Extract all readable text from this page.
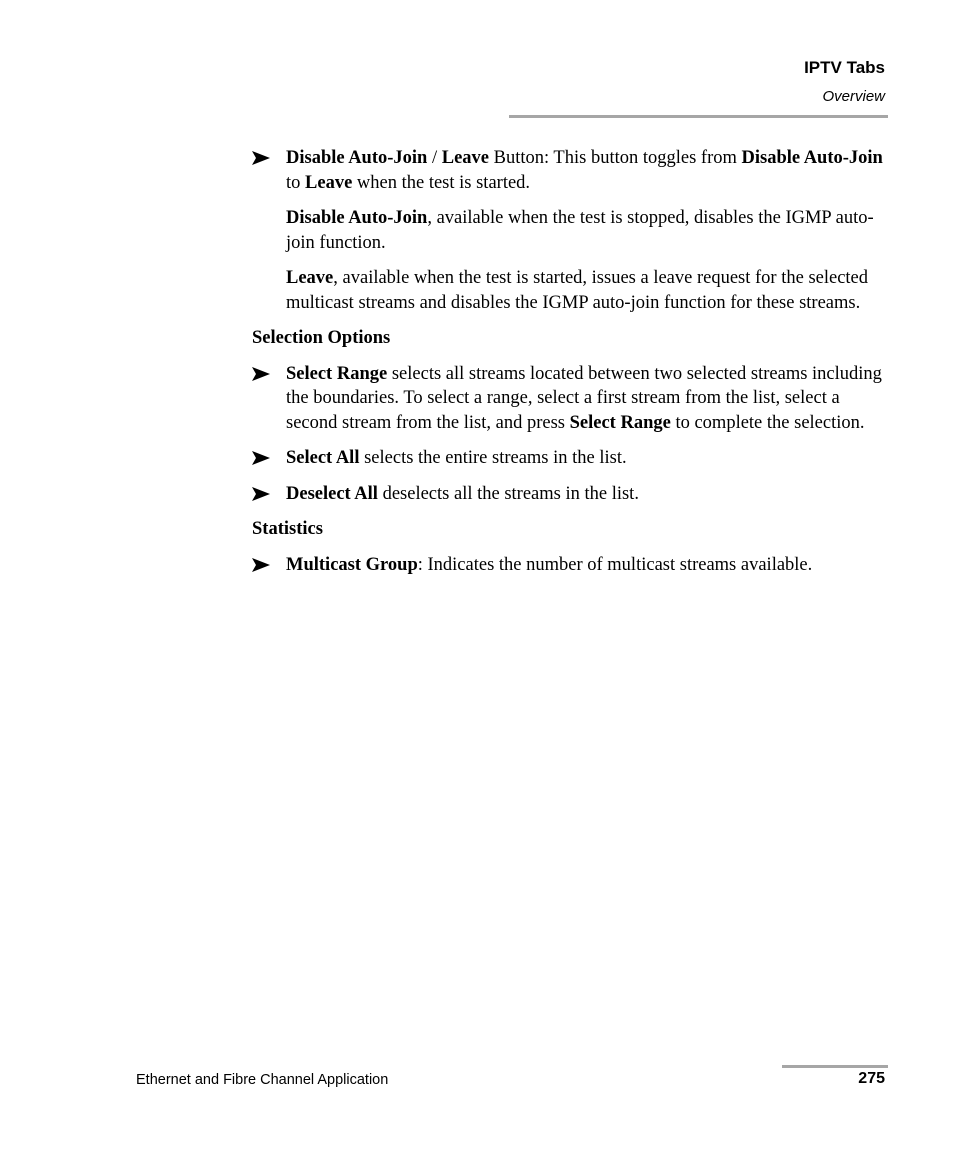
IPTV Tabs
Overview
Disable Auto-Join / Leave Button: This button toggles from Disable Auto-Join to Leave when the test is started.
Disable Auto-Join, available when the test is stopped, disables the IGMP auto-join function.
Leave, available when the test is started, issues a leave request for the selected multicast streams and disables the IGMP auto-join function for these streams.
Selection Options
Select Range selects all streams located between two selected streams including the boundaries. To select a range, select a first stream from the list, select a second stream from the list, and press Select Range to complete the selection.
Select All selects the entire streams in the list.
Deselect All deselects all the streams in the list.
Statistics
Multicast Group: Indicates the number of multicast streams available.
Ethernet and Fibre Channel Application	275
